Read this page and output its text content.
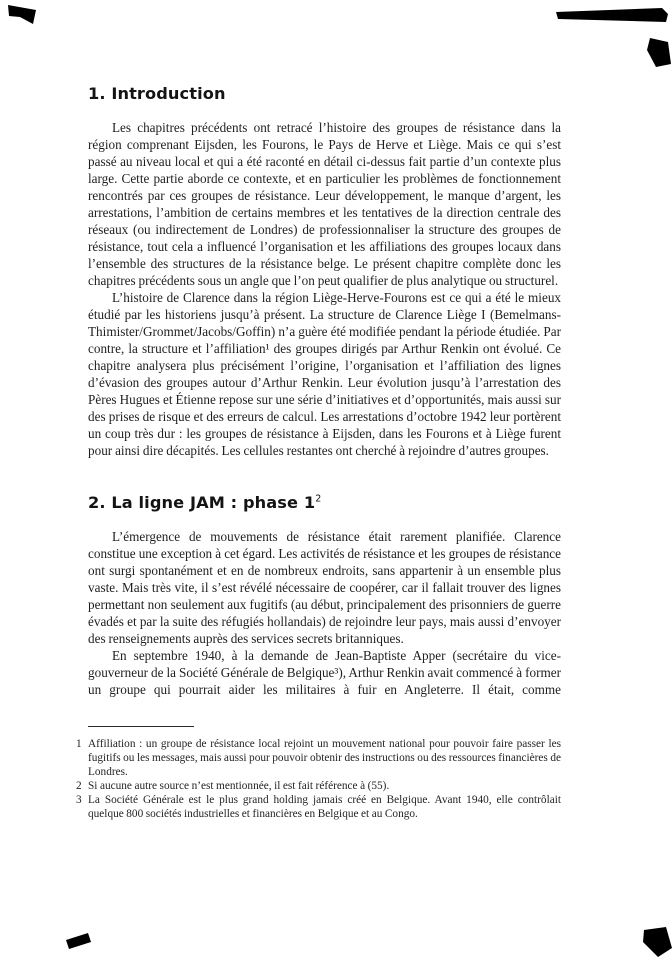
1. Introduction

Les chapitres précédents ont retracé l’histoire des groupes de résistance dans la région comprenant Eijsden, les Fourons, le Pays de Herve et Liège. Mais ce qui s’est passé au niveau local et qui a été raconté en détail ci-dessus fait partie d’un contexte plus large. Cette partie aborde ce contexte, et en particulier les problèmes de fonctionnement rencontrés par ces groupes de résistance. Leur développement, le manque d’argent, les arrestations, l’ambition de certains membres et les tentatives de la direction centrale des réseaux (ou indirectement de Londres) de professionnaliser la structure des groupes de résistance, tout cela a influencé l’organisation et les affiliations des groupes locaux dans l’ensemble des structures de la résistance belge. Le présent chapitre complète donc les chapitres précédents sous un angle que l’on peut qualifier de plus analytique ou structurel.

L’histoire de Clarence dans la région Liège-Herve-Fourons est ce qui a été le mieux étudié par les historiens jusqu’à présent. La structure de Clarence Liège I (Bemelmans-Thimister/Grommet/Jacobs/Goffin) n’a guère été modifiée pendant la période étudiée. Par contre, la structure et l’affiliation¹ des groupes dirigés par Arthur Renkin ont évolué. Ce chapitre analysera plus précisément l’origine, l’organisation et l’affiliation des lignes d’évasion des groupes autour d’Arthur Renkin. Leur évolution jusqu’à l’arrestation des Pères Hugues et Étienne repose sur une série d’initiatives et d’opportunités, mais aussi sur des prises de risque et des erreurs de calcul. Les arrestations d’octobre 1942 leur portèrent un coup très dur : les groupes de résistance à Eijsden, dans les Fourons et à Liège furent pour ainsi dire décapités. Les cellules restantes ont cherché à rejoindre d’autres groupes.

2. La ligne JAM : phase $1^2$

L’émergence de mouvements de résistance était rarement planifiée. Clarence constitue une exception à cet égard. Les activités de résistance et les groupes de résistance ont surgi spontanément et en de nombreux endroits, sans appartenir à un ensemble plus vaste. Mais très vite, il s’est révélé nécessaire de coopérer, car il fallait trouver des lignes permettant non seulement aux fugitifs (au début, principalement des prisonniers de guerre évadés et par la suite des réfugiés hollandais) de rejoindre leur pays, mais aussi d’envoyer des renseignements auprès des services secrets britanniques.

En septembre 1940, à la demande de Jean-Baptiste Apper (secrétaire du vice-gouverneur de la Société Générale de Belgique³), Arthur Renkin avait commencé à former un groupe qui pourrait aider les militaires à fuir en Angleterre. Il était, comme

1 Affiliation : un groupe de résistance local rejoint un mouvement national pour pouvoir faire passer les fugitifs ou les messages, mais aussi pour pouvoir obtenir des instructions ou des ressources financières de Londres.
2 Si aucune autre source n’est mentionnée, il est fait référence à (55).
3 La Société Générale est le plus grand holding jamais créé en Belgique. Avant 1940, elle contrôlait quelque 800 sociétés industrielles et financières en Belgique et au Congo.
